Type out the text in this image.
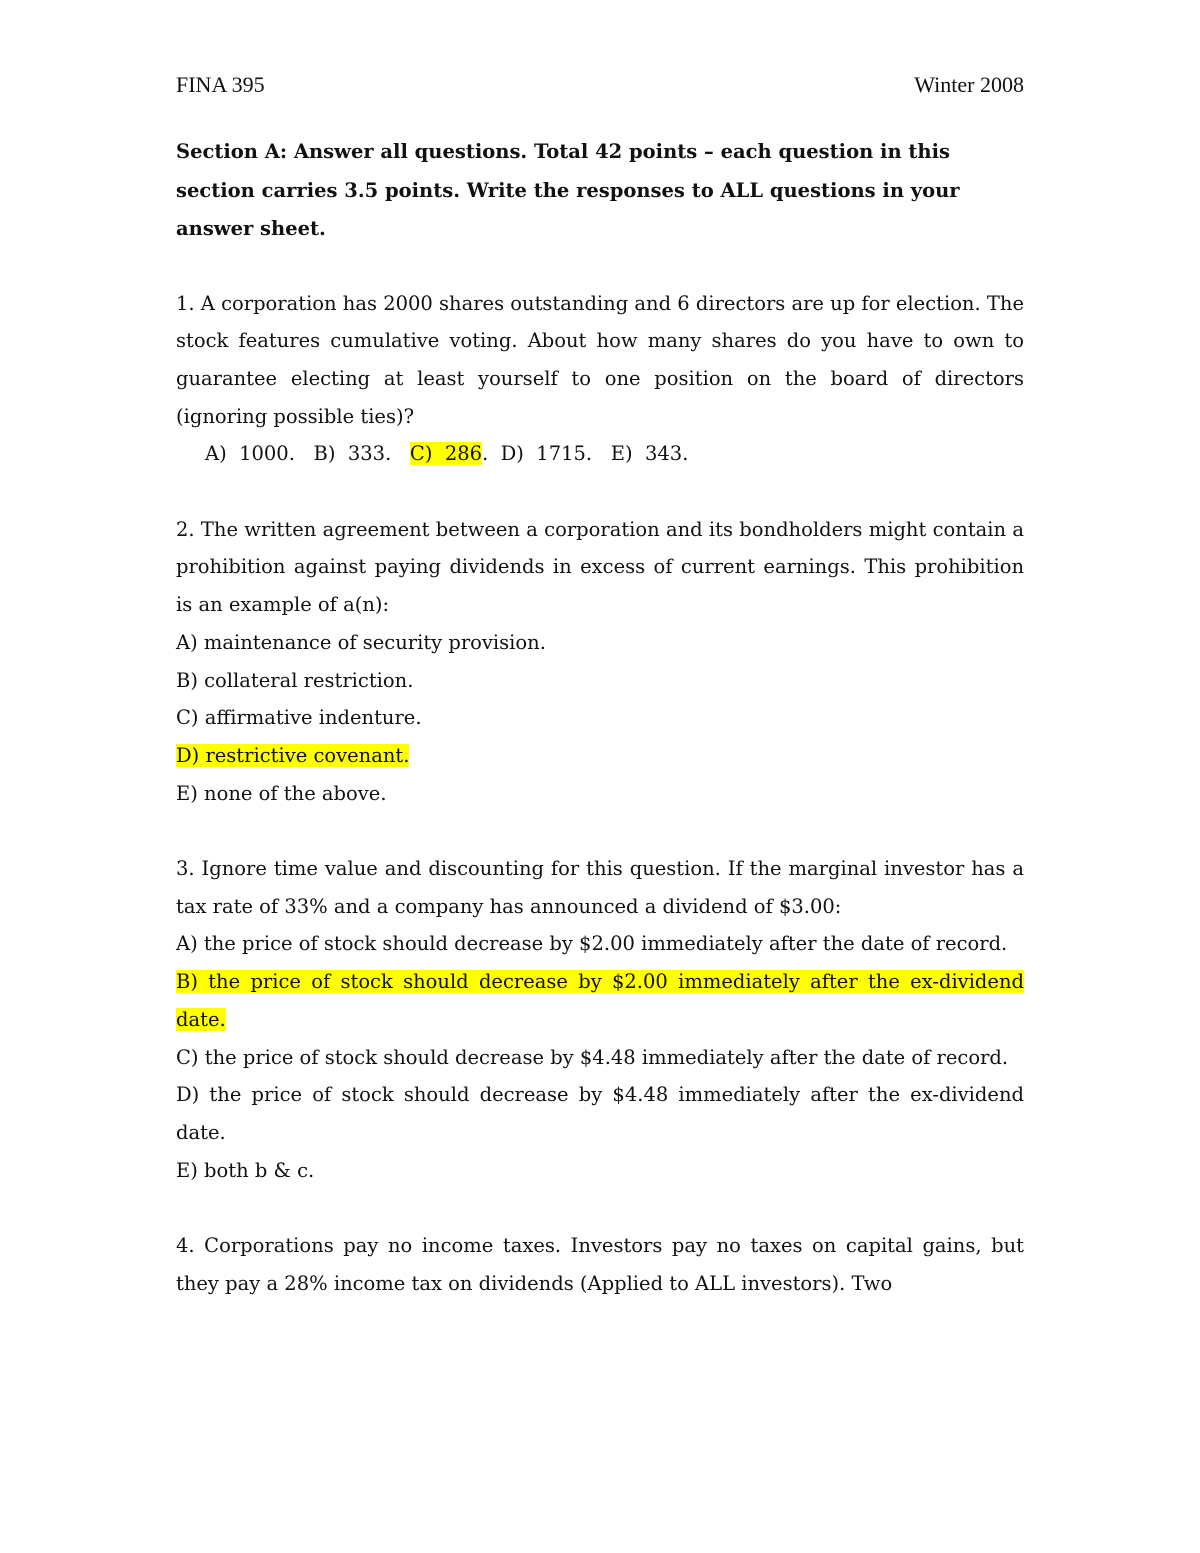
FINA 395	Winter 2008

Section A: Answer all questions. Total 42 points – each question in this section carries 3.5 points. Write the responses to ALL questions in your answer sheet.

1. A corporation has 2000 shares outstanding and 6 directors are up for election. The stock features cumulative voting. About how many shares do you have to own to guarantee electing at least yourself to one position on the board of directors (ignoring possible ties)?

A)  1000. B)  333. C)  286.  D)  1715. E)  343.

2. The written agreement between a corporation and its bondholders might contain a prohibition against paying dividends in excess of current earnings. This prohibition is an example of a(n):

A) maintenance of security provision.

B) collateral restriction.

C) affirmative indenture.

D) restrictive covenant.

E) none of the above.

3. Ignore time value and discounting for this question. If the marginal investor has a tax rate of 33% and a company has announced a dividend of $3.00:

A) the price of stock should decrease by $2.00 immediately after the date of record.

B) the price of stock should decrease by $2.00 immediately after the ex-dividend date.

C) the price of stock should decrease by $4.48 immediately after the date of record.

D) the price of stock should decrease by $4.48 immediately after the ex-dividend date.

E) both b & c.

4. Corporations pay no income taxes. Investors pay no taxes on capital gains, but they pay a 28% income tax on dividends (Applied to ALL investors). Two
